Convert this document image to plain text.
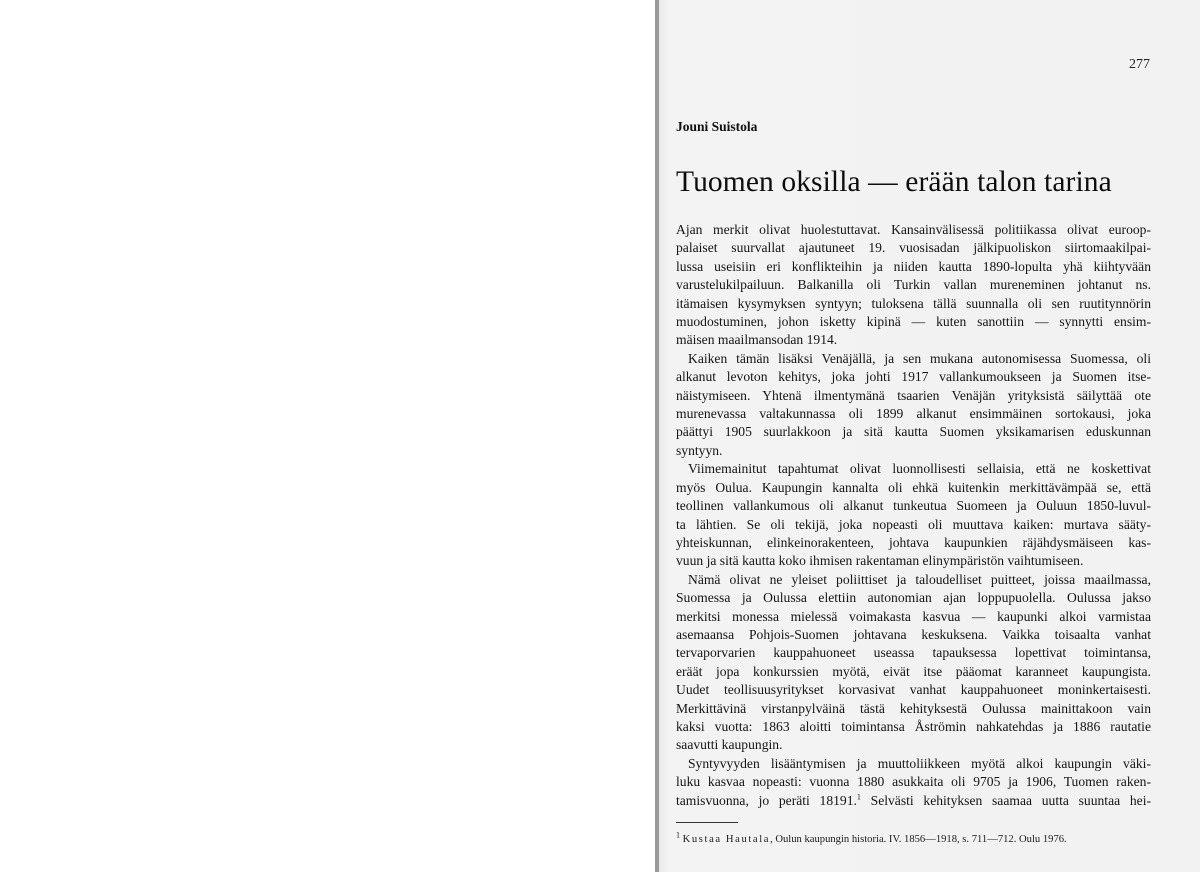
277
Jouni Suistola
Tuomen oksilla — erään talon tarina
Ajan merkit olivat huolestuttavat. Kansainvälisessä politiikassa olivat euroop-
palaiset suurvallat ajautuneet 19. vuosisadan jälkipuoliskon siirtomaakilpai-
lussa useisiin eri konflikteihin ja niiden kautta 1890-lopulta yhä kiihtyvään
varustelukilpailuun. Balkanilla oli Turkin vallan mureneminen johtanut ns.
itämaisen kysymyksen syntyyn; tuloksena tällä suunnalla oli sen ruutitynnörin
muodostuminen, johon isketty kipinä — kuten sanottiin — synnytti ensim-
mäisen maailmansodan 1914.
Kaiken tämän lisäksi Venäjällä, ja sen mukana autonomisessa Suomessa, oli
alkanut levoton kehitys, joka johti 1917 vallankumoukseen ja Suomen itse-
näistymiseen. Yhtenä ilmentymänä tsaarien Venäjän yrityksistä säilyttää ote
murenevassa valtakunnassa oli 1899 alkanut ensimmäinen sortokausi, joka
päättyi 1905 suurlakkoon ja sitä kautta Suomen yksikamarisen eduskunnan
syntyyn.
Viimemainitut tapahtumat olivat luonnollisesti sellaisia, että ne koskettivat
myös Oulua. Kaupungin kannalta oli ehkä kuitenkin merkittävämpää se, että
teollinen vallankumous oli alkanut tunkeutua Suomeen ja Ouluun 1850-luvul-
ta lähtien. Se oli tekijä, joka nopeasti oli muuttava kaiken: murtava sääty-
yhteiskunnan, elinkeinorakenteen, johtava kaupunkien räjähdysmäiseen kas-
vuun ja sitä kautta koko ihmisen rakentaman elinympäristön vaihtumiseen.
Nämä olivat ne yleiset poliittiset ja taloudelliset puitteet, joissa maailmassa,
Suomessa ja Oulussa elettiin autonomian ajan loppupuolella. Oulussa jakso
merkitsi monessa mielessä voimakasta kasvua — kaupunki alkoi varmistaa
asemaansa Pohjois-Suomen johtavana keskuksena. Vaikka toisaalta vanhat
tervaporvarien kauppahuoneet useassa tapauksessa lopettivat toimintansa,
eräät jopa konkurssien myötä, eivät itse pääomat karanneet kaupungista.
Uudet teollisuusyritykset korvasivat vanhat kauppahuoneet moninkertaisesti.
Merkittävinä virstanpylväinä tästä kehityksestä Oulussa mainittakoon vain
kaksi vuotta: 1863 aloitti toimintansa Åströmin nahkatehdas ja 1886 rautatie
saavutti kaupungin.
Syntyvyyden lisääntymisen ja muuttoliikkeen myötä alkoi kaupungin väki-
luku kasvaa nopeasti: vuonna 1880 asukkaita oli 9705 ja 1906, Tuomen raken-
tamisvuonna, jo peräti 18191.$^1$ Selvästi kehityksen saamaa uutta suuntaa hei-
$^1$ Kustaa Hautala, Oulun kaupungin historia. IV. 1856—1918, s. 711—712. Oulu 1976.
